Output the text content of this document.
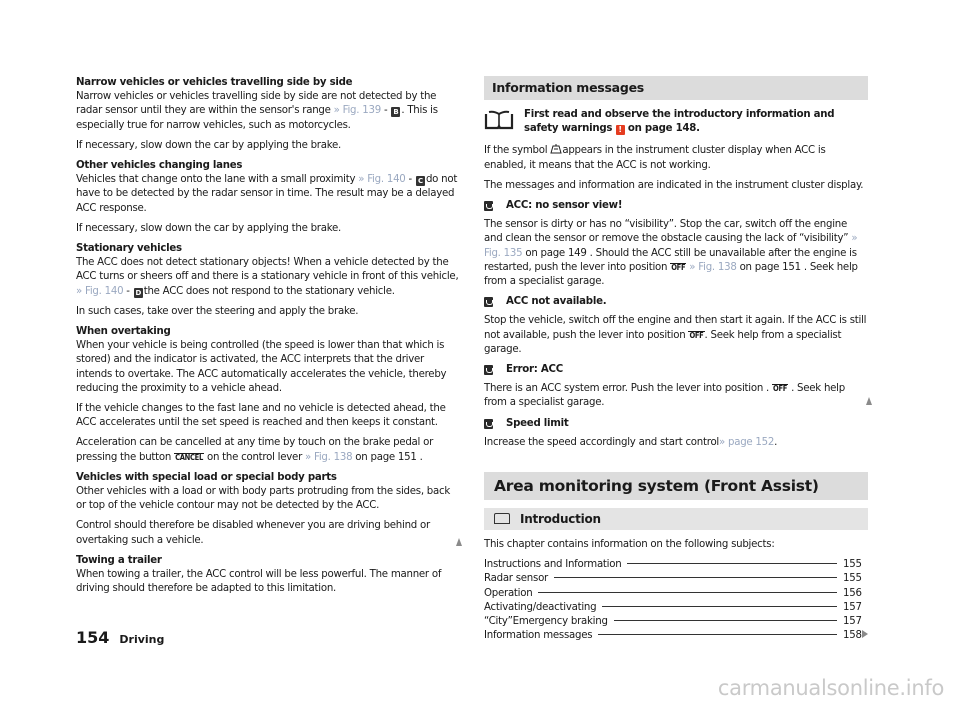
Narrow vehicles or vehicles travelling side by side

Narrow vehicles or vehicles travelling side by side are not detected by the radar sensor until they are within the sensor's range » Fig. 139 - B . This is especially true for narrow vehicles, such as motorcycles.

If necessary, slow down the car by applying the brake.

Other vehicles changing lanes

Vehicles that change onto the lane with a small proximity » Fig. 140 - C do not have to be detected by the radar sensor in time. The result may be a delayed ACC response.

If necessary, slow down the car by applying the brake.

Stationary vehicles

The ACC does not detect stationary objects! When a vehicle detected by the ACC turns or sheers off and there is a stationary vehicle in front of this vehicle, » Fig. 140 - D the ACC does not respond to the stationary vehicle.

In such cases, take over the steering and apply the brake.

When overtaking

When your vehicle is being controlled (the speed is lower than that which is stored) and the indicator is activated, the ACC interprets that the driver intends to overtake. The ACC automatically accelerates the vehicle, thereby reducing the proximity to a vehicle ahead.

If the vehicle changes to the fast lane and no vehicle is detected ahead, the ACC accelerates until the set speed is reached and then keeps it constant.

Acceleration can be cancelled at any time by touch on the brake pedal or pressing the button CANCEL on the control lever » Fig. 138 on page 151 .

Vehicles with special load or special body parts

Other vehicles with a load or with body parts protruding from the sides, back or top of the vehicle contour may not be detected by the ACC.

Control should therefore be disabled whenever you are driving behind or overtaking such a vehicle.

Towing a trailer

When towing a trailer, the ACC control will be less powerful. The manner of driving should therefore be adapted to this limitation.

Information messages
First read and observe the introductory information and safety warnings ! on page 148.

If the symbol appears in the instrument cluster display when ACC is enabled, it means that the ACC is not working.

The messages and information are indicated in the instrument cluster display.

ACC: no sensor view!

The sensor is dirty or has no “visibility”. Stop the car, switch off the engine and clean the sensor or remove the obstacle causing the lack of “visibility” » Fig. 135 on page 149 . Should the ACC still be unavailable after the engine is restarted, push the lever into position OFF » Fig. 138 on page 151 . Seek help from a specialist garage.

ACC not available.

Stop the vehicle, switch off the engine and then start it again. If the ACC is still not available, push the lever into position OFF. Seek help from a specialist garage.

Error: ACC

There is an ACC system error. Push the lever into position . OFF . Seek help from a specialist garage.

Speed limit

Increase the speed accordingly and start control» page 152.

Area monitoring system (Front Assist)
Introduction

This chapter contains information on the following subjects:

Instructions and Information	155
Radar sensor	155
Operation	156
Activating/deactivating	157
“City”Emergency braking	157
Information messages	158
154 Driving
carmanualsonline.info
